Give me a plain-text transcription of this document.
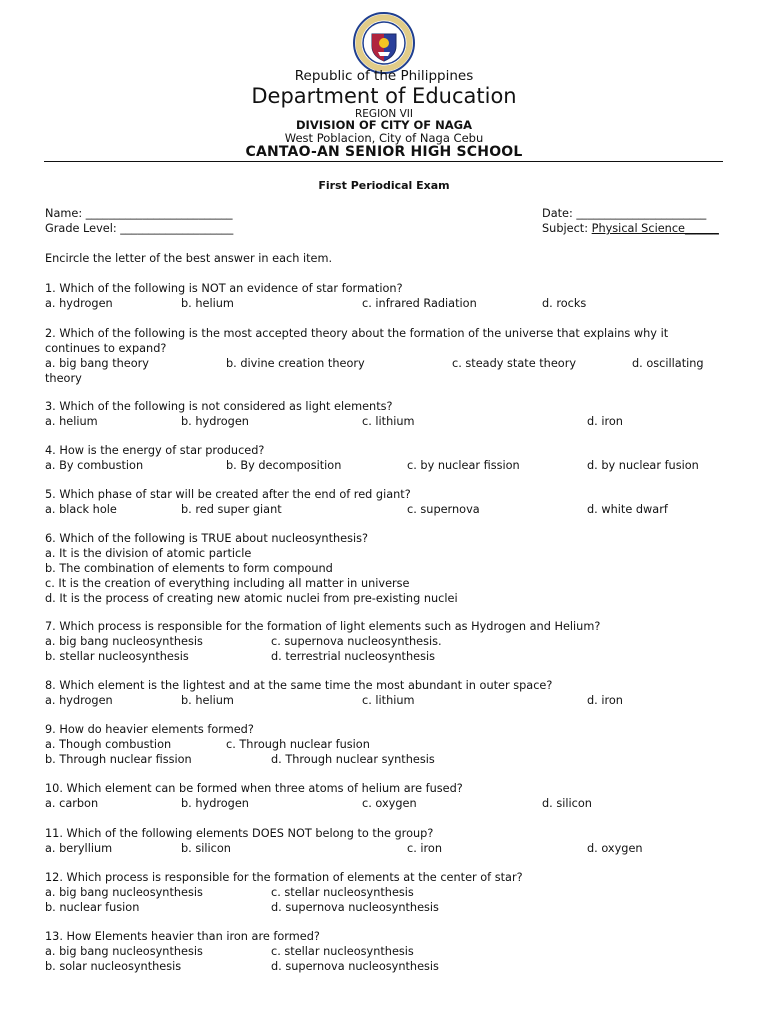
Republic of the Philippines
Department of Education
REGION VII
DIVISION OF CITY OF NAGA
West Poblacion, City of Naga Cebu
CANTAO-AN SENIOR HIGH SCHOOL
First Periodical Exam
Name: __________________________	Date: _______________________
Grade Level: ____________________	Subject: Physical Science______
Encircle the letter of the best answer in each item.
1. Which of the following is NOT an evidence of star formation?
a. hydrogen	b. helium	c. infrared Radiation	d. rocks
2. Which of the following is the most accepted theory about the formation of the universe that explains why it continues to expand?
a. big bang theory	b. divine creation theory	c. steady state theory	d. oscillating
theory
3. Which of the following is not considered as light elements?
a. helium	b. hydrogen	c. lithium	d. iron
4. How is the energy of star produced?
a. By combustion	b. By decomposition	c. by nuclear fission	d. by nuclear fusion
5. Which phase of star will be created after the end of red giant?
a. black hole	b. red super giant	c. supernova	d. white dwarf
6. Which of the following is TRUE about nucleosynthesis?
a. It is the division of atomic particle
b. The combination of elements to form compound
c. It is the creation of everything including all matter in universe
d. It is the process of creating new atomic nuclei from pre-existing nuclei
7. Which process is responsible for the formation of light elements such as Hydrogen and Helium?
a. big bang nucleosynthesis	c. supernova nucleosynthesis.
b. stellar nucleosynthesis	d. terrestrial nucleosynthesis
8. Which element is the lightest and at the same time the most abundant in outer space?
a. hydrogen	b. helium	c. lithium	d. iron
9. How do heavier elements formed?
a. Though combustion	c. Through nuclear fusion
b. Through nuclear fission	d. Through nuclear synthesis
10. Which element can be formed when three atoms of helium are fused?
a. carbon	b. hydrogen	c. oxygen	d. silicon
11. Which of the following elements DOES NOT belong to the group?
a. beryllium	b. silicon	c. iron	d. oxygen
12. Which process is responsible for the formation of elements at the center of star?
a. big bang nucleosynthesis	c. stellar nucleosynthesis
b. nuclear fusion	d. supernova nucleosynthesis
13. How Elements heavier than iron are formed?
a. big bang nucleosynthesis	c. stellar nucleosynthesis
b. solar nucleosynthesis	d. supernova nucleosynthesis
